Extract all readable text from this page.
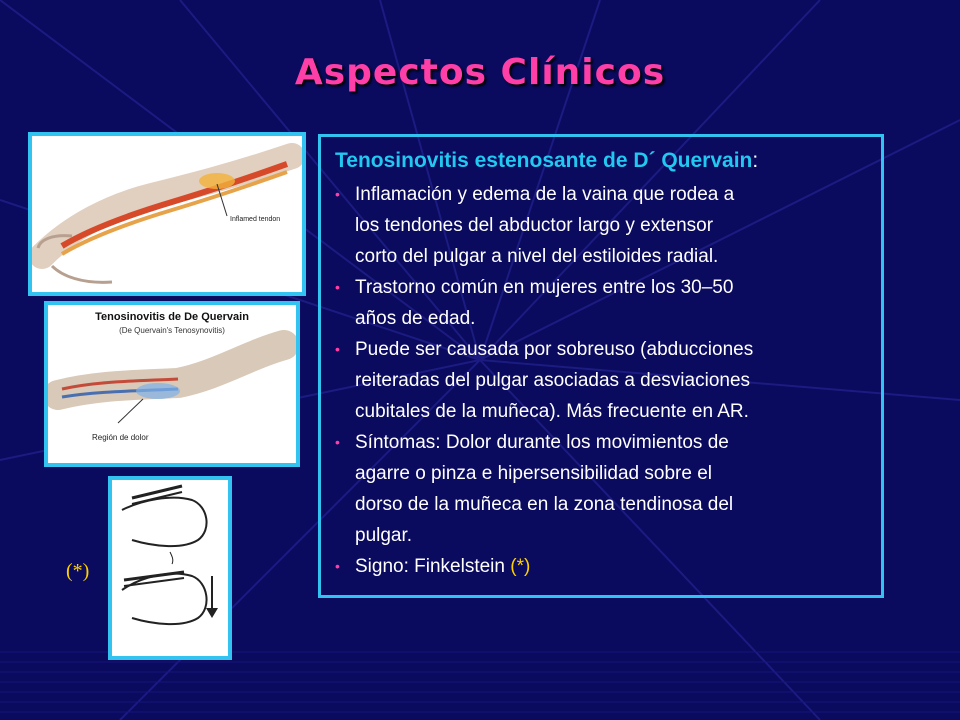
Aspectos Clínicos
Inflamed tendon
Tenosinovitis de De Quervain
(De Quervain's Tenosynovitis)
Región de dolor
(*)
Tenosinovitis estenosante de D´ Quervain:
• Inflamación y edema de la vaina que rodea a
los tendones del abductor largo y extensor
corto del pulgar a nivel del estiloides radial.
• Trastorno común en mujeres entre los 30–50
años de edad.
• Puede ser causada por sobreuso (abducciones
reiteradas del pulgar asociadas a desviaciones
cubitales de la muñeca). Más frecuente en AR.
• Síntomas: Dolor durante los movimientos de
agarre o pinza e hipersensibilidad sobre el
dorso de la muñeca en la zona tendinosa del
pulgar.
• Signo: Finkelstein (*)
